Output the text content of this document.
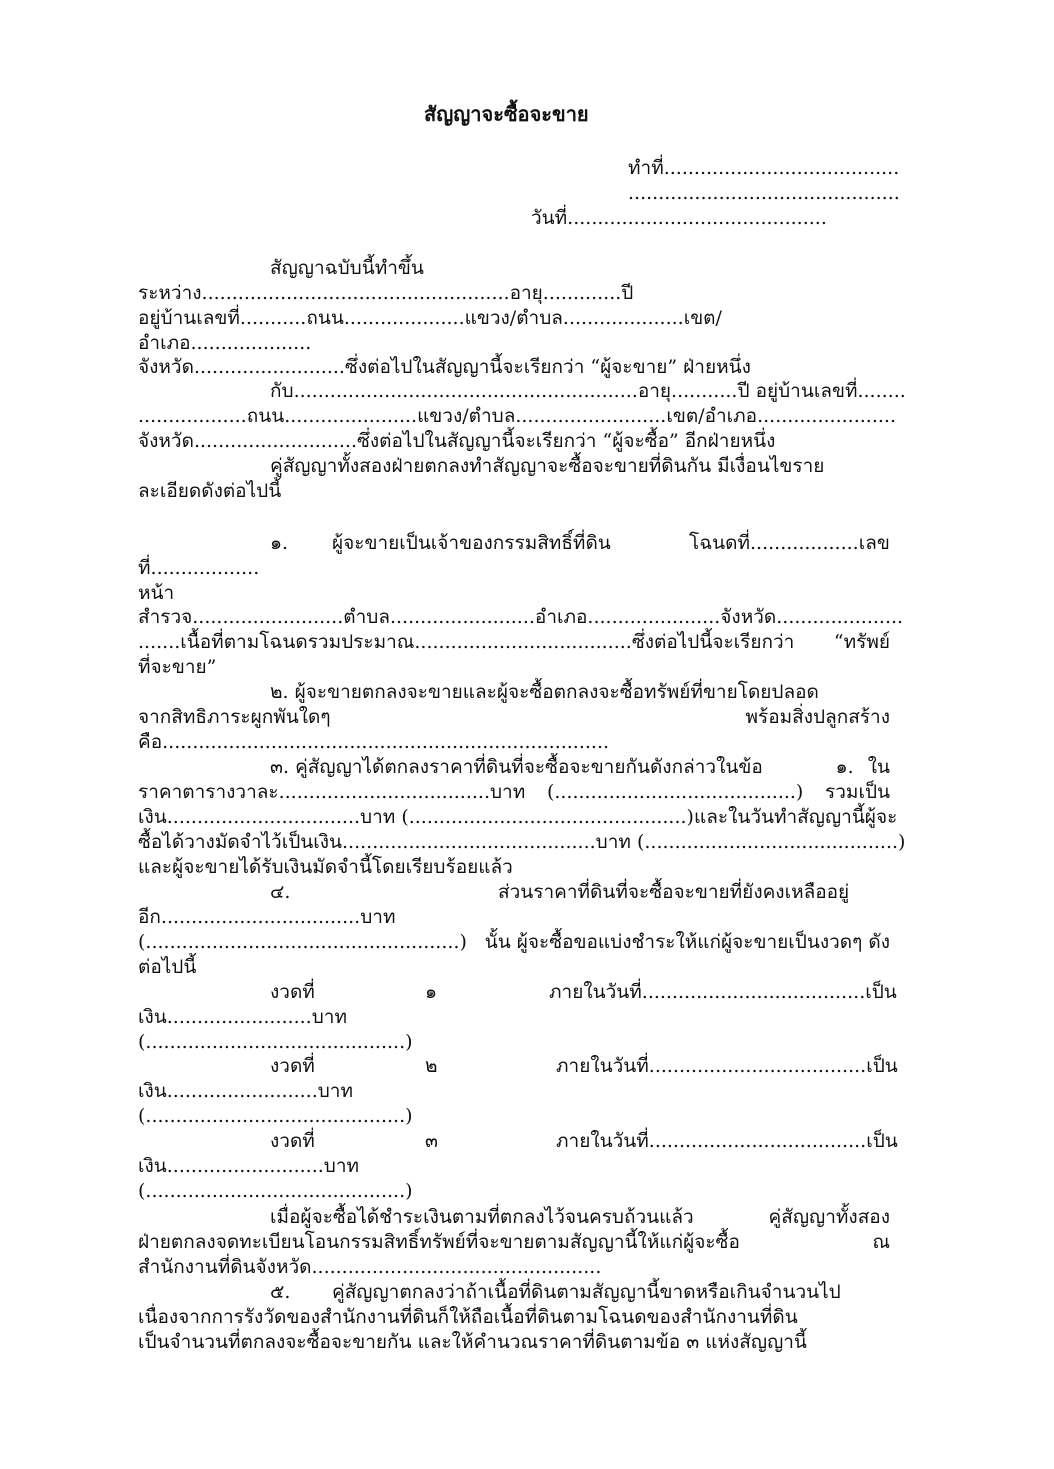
สัญญาจะซื้อจะขาย
ทำที่.......................................
.............................................
วันที่...........................................
สัญญาฉบับนี้ทำขึ้น
ระหว่าง...................................................อายุ.............ปี
อยู่บ้านเลขที่...........ถนน....................แขวง/ตำบล....................เขต/
อำเภอ....................
จังหวัด.........................ซึ่งต่อไปในสัญญานี้จะเรียกว่า “ผู้จะขาย” ฝ่ายหนึ่ง
กับ.........................................................อายุ...........ปี อยู่บ้านเลขที่........
..................ถนน......................แขวง/ตำบล.........................เขต/อำเภอ.......................
จังหวัด...........................ซึ่งต่อไปในสัญญานี้จะเรียกว่า “ผู้จะซื้อ” อีกฝ่ายหนึ่ง
คู่สัญญาทั้งสองฝ่ายตกลงทำสัญญาจะซื้อจะขายที่ดินกัน มีเงื่อนไขราย
ละเอียดดังต่อไปนี้
๑. ผู้จะขายเป็นเจ้าของกรรมสิทธิ์ที่ดิน	โฉนดที่..................เลข
ที่..................
หน้า
สำรวจ.........................ตำบล........................อำเภอ......................จังหวัด.....................
.......เนื้อที่ตามโฉนดรวมประมาณ....................................ซึ่งต่อไปนี้จะเรียกว่า “ทรัพย์
ที่จะขาย”
๒. ผู้จะขายตกลงจะขายและผู้จะซื้อตกลงจะซื้อทรัพย์ที่ขายโดยปลอด
จากสิทธิภาระผูกพันใดๆ	พร้อมสิ่งปลูกสร้าง
คือ..........................................................................
๓. คู่สัญญาได้ตกลงราคาที่ดินที่จะซื้อจะขายกันดังกล่าวในข้อ	๑. ใน
ราคาตารางวาละ...................................บาท (........................................) รวมเป็น
เงิน................................บาท (..............................................) และในวันทำสัญญานี้ผู้จะ
ซื้อได้วางมัดจำไว้เป็นเงิน..........................................บาท (..........................................)
และผู้จะขายได้รับเงินมัดจำนี้โดยเรียบร้อยแล้ว
๔.	ส่วนราคาที่ดินที่จะซื้อจะขายที่ยังคงเหลืออยู่
อีก.................................บาท
(....................................................) นั้น ผู้จะซื้อขอแบ่งชำระให้แก่ผู้จะขายเป็นงวดๆ ดัง
ต่อไปนี้
งวดที่	๑	ภายในวันที่.....................................เป็น
เงิน........................บาท
(...........................................)
งวดที่	๒	ภายในวันที่....................................เป็น
เงิน.........................บาท
(...........................................)
งวดที่	๓	ภายในวันที่....................................เป็น
เงิน..........................บาท
(...........................................)
เมื่อผู้จะซื้อได้ชำระเงินตามที่ตกลงไว้จนครบถ้วนแล้ว	คู่สัญญาทั้งสอง
ฝ่ายตกลงจดทะเบียนโอนกรรมสิทธิ์ทรัพย์ที่จะขายตามสัญญานี้ให้แก่ผู้จะซื้อ	ณ
สำนักงานที่ดินจังหวัด................................................
๕. คู่สัญญาตกลงว่าถ้าเนื้อที่ดินตามสัญญานี้ขาดหรือเกินจำนวนไป
เนื่องจากการรังวัดของสำนักงานที่ดินก็ให้ถือเนื้อที่ดินตามโฉนดของสำนักงานที่ดิน
เป็นจำนวนที่ตกลงจะซื้อจะขายกัน และให้คำนวณราคาที่ดินตามข้อ ๓ แห่งสัญญานี้
